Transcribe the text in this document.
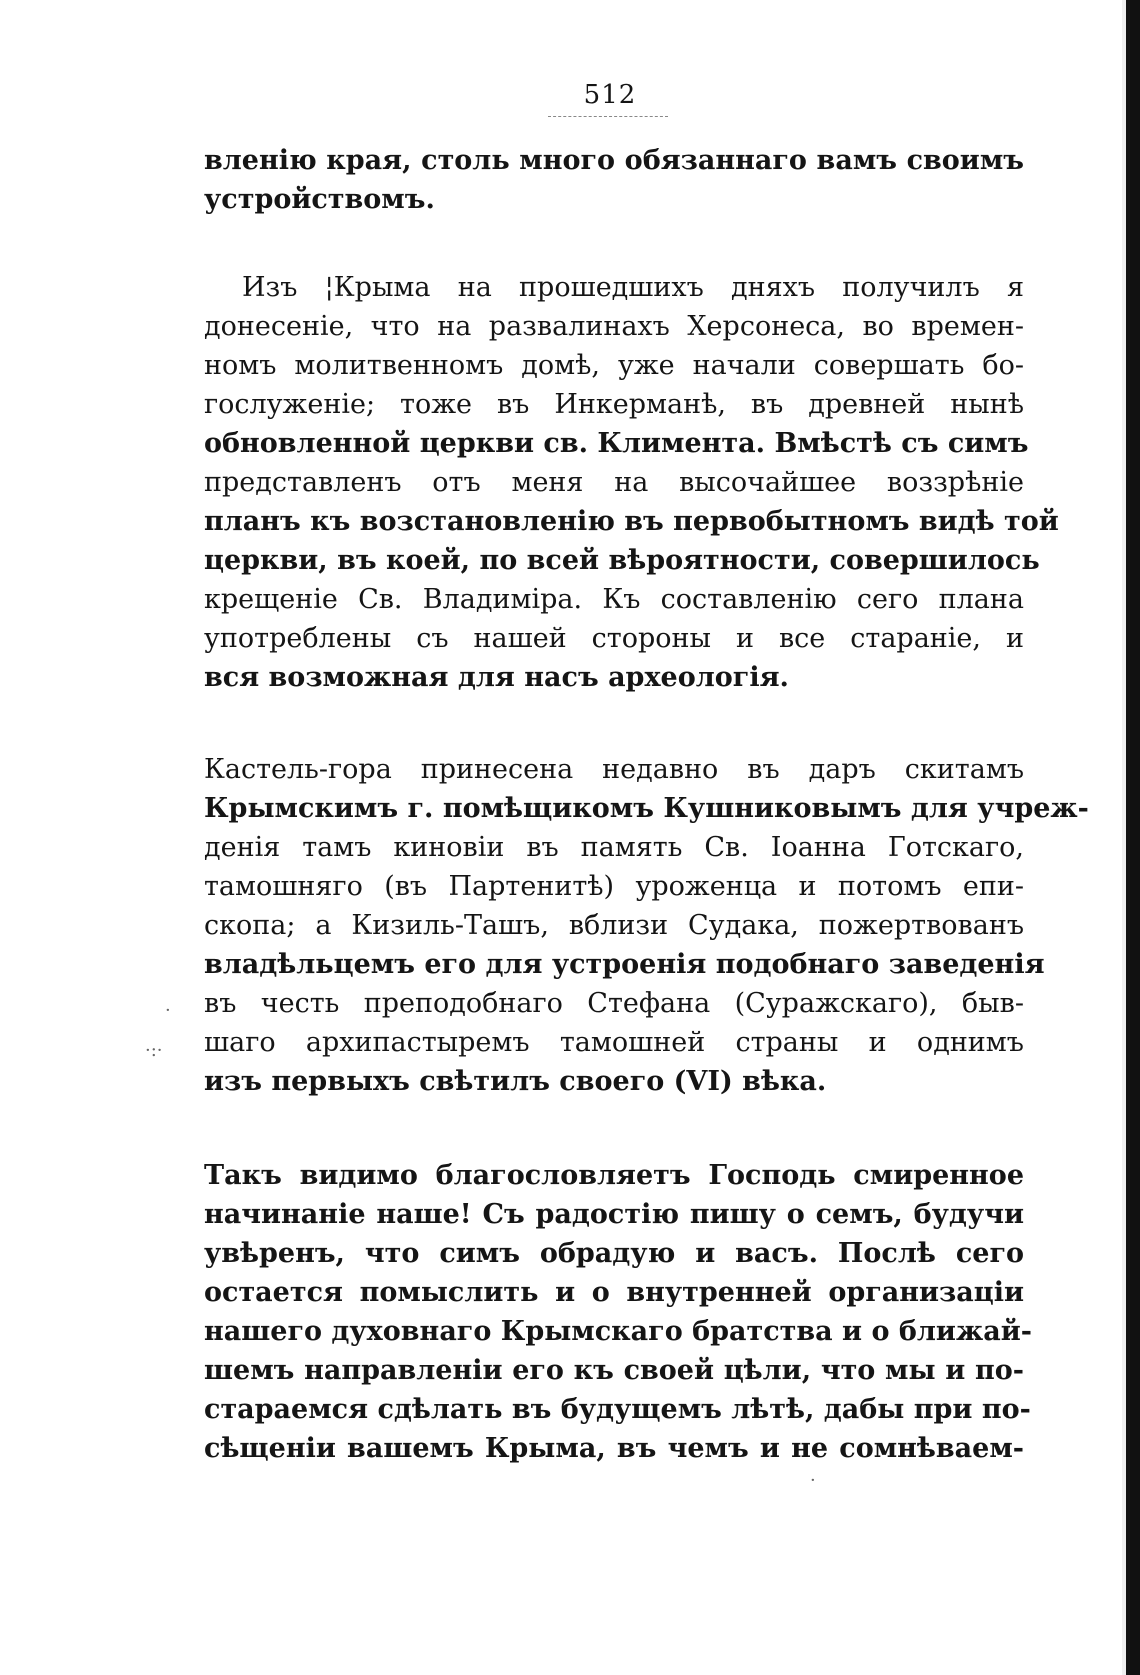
512
вленію края, столь много обязаннаго вамъ своимъ
устройствомъ.
Изъ ¦Крыма на прошедшихъ дняхъ получилъ я
донесеніе, что на развалинахъ Херсонеса, во времен-
номъ молитвенномъ домѣ, уже начали совершать бо-
гослуженіе; тоже въ Инкерманѣ, въ древней нынѣ
обновленной церкви св. Климента. Вмѣстѣ съ симъ
представленъ отъ меня на высочайшее воззрѣніе
планъ къ возстановленію въ первобытномъ видѣ той
церкви, въ коей, по всей вѣроятности, совершилось
крещеніе Св. Владиміра. Къ составленію сего плана
употреблены съ нашей стороны и все стараніе, и
вся возможная для насъ археологія.
Кастель-гора принесена недавно въ даръ скитамъ
Крымскимъ г. помѣщикомъ Кушниковымъ для учреж-
денія тамъ киновіи въ память Св. Іоанна Готскаго,
тамошняго (въ Партенитѣ) уроженца и потомъ епи-
скопа; а Кизиль-Ташъ, вблизи Судака, пожертвованъ
владѣльцемъ его для устроенія подобнаго заведенія
въ честь преподобнаго Стефана (Суражскаго), быв-
шаго архипастыремъ тамошней страны и однимъ
изъ первыхъ свѣтилъ своего (VI) вѣка.
Такъ видимо благословляетъ Господь смиренное
начинаніе наше! Съ радостію пишу о семъ, будучи
увѣренъ, что симъ обрадую и васъ. Послѣ сего
остается помыслить и о внутренней организаціи
нашего духовнаго Крымскаго братства и о ближай-
шемъ направленіи его къ своей цѣли, что мы и по-
стараемся сдѣлать въ будущемъ лѣтѣ, дабы при по-
сѣщеніи вашемъ Крыма, въ чемъ и не сомнѣваем-
·
·:·
·
